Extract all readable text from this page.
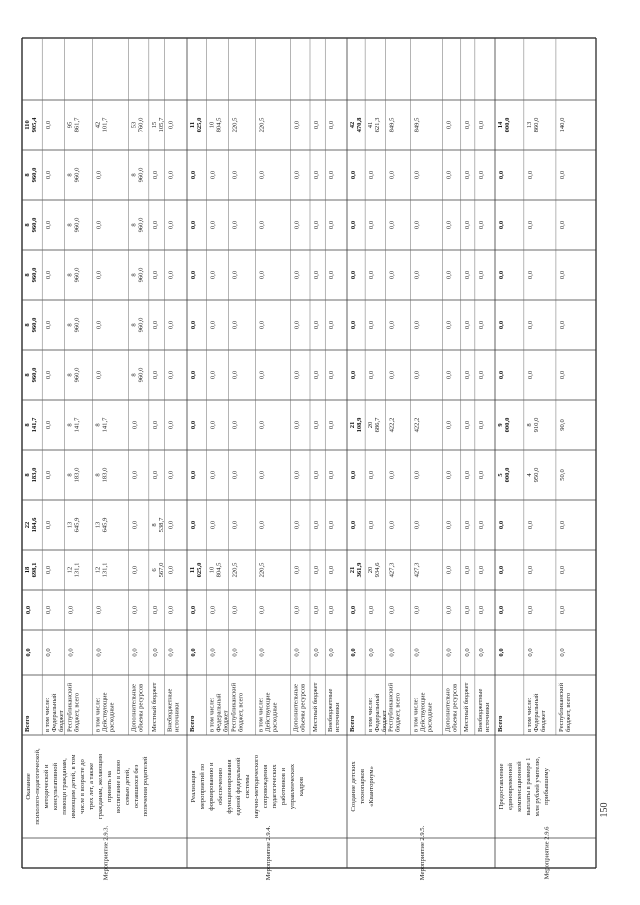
Всего
0,0
0,0
18 698,1
22 184,6
8 183,0
8 141,7
8 960,0
8 960,0
8 960,0
8 960,0
8 960,0
110 905,4
в том числе: Федеральный бюджет
0,0
0,0
0,0
0,0
0,0
0,0
0,0
0,0
0,0
0,0
0,0
0,0
Республиканский бюджет, всего
0,0
0,0
12 131,1
13 645,9
8 183,0
8 141,7
8 960,0
8 960,0
8 960,0
8 960,0
8 960,0
95 861,7
в том числе: Действующие расходные
0,0
0,0
12 131,1
13 645,9
8 183,0
8 141,7
0,0
0,0
0,0
0,0
0,0
42 101,7
Дополнительные объемы ресурсов
0,0
0,0
0,0
0,0
0,0
0,0
8 960,0
8 960,0
8 960,0
8 960,0
8 960,0
53 760,0
Местный бюджет
0,0
0,0
6 567,0
8 538,7
0,0
0,0
0,0
0,0
0,0
0,0
0,0
15 105,7
Внебюджетные источники
0,0
0,0
0,0
0,0
0,0
0,0
0,0
0,0
0,0
0,0
0,0
0,0
Мероприятие 2.9.3.
Оказание психолого-педагогической, методической и консультативной помощи гражданам, имеющим детей, в том числе в возрасте до трех лет, а также гражданам, желающим принять на воспитание в свою семью детей, оставшихся без попечения родителей
Всего
0,0
0,0
11 025,0
0,0
0,0
0,0
0,0
0,0
0,0
0,0
0,0
11 025,0
в том числе: Федеральный бюджет
0,0
0,0
10 804,5
0,0
0,0
0,0
0,0
0,0
0,0
0,0
0,0
10 804,5
Республиканский бюджет, всего
0,0
0,0
220,5
0,0
0,0
0,0
0,0
0,0
0,0
0,0
0,0
220,5
в том числе: Действующие расходные
0,0
0,0
220,5
0,0
0,0
0,0
0,0
0,0
0,0
0,0
0,0
220,5
Дополнительные объемы ресурсов
0,0
0,0
0,0
0,0
0,0
0,0
0,0
0,0
0,0
0,0
0,0
0,0
Местный бюджет
0,0
0,0
0,0
0,0
0,0
0,0
0,0
0,0
0,0
0,0
0,0
0,0
Внебюджетные источники
0,0
0,0
0,0
0,0
0,0
0,0
0,0
0,0
0,0
0,0
0,0
0,0
Мероприятие 2.9.4.
Реализация мероприятий по формированию и обеспечению функционирования единой федеральной системы научно-методического сопровождения педагогических работников и управленческих кадров
Всего
0,0
0,0
21 361,9
0,0
0,0
21 108,9
0,0
0,0
0,0
0,0
0,0
42 470,8
в том числе: Федеральный бюджет
0,0
0,0
20 934,6
0,0
0,0
20 686,7
0,0
0,0
0,0
0,0
0,0
41 621,3
Республиканский бюджет, всего
0,0
0,0
427,3
0,0
0,0
422,2
0,0
0,0
0,0
0,0
0,0
849,5
в том числе: Действующие расходные
0,0
0,0
427,3
0,0
0,0
422,2
0,0
0,0
0,0
0,0
0,0
849,5
Дополнительно объемы ресурсов
0,0
0,0
0,0
0,0
0,0
0,0
0,0
0,0
0,0
0,0
0,0
0,0
Местный бюджет
0,0
0,0
0,0
0,0
0,0
0,0
0,0
0,0
0,0
0,0
0,0
0,0
Внебюджетные источники
0,0
0,0
0,0
0,0
0,0
0,0
0,0
0,0
0,0
0,0
0,0
0,0
Мероприятие 2.9.5.
Создание детских технопарков «Кванториум»
Всего
0,0
0,0
0,0
0,0
5 000,0
9 000,0
0,0
0,0
0,0
0,0
0,0
14 000,0
в том числе: Федеральный бюджет
0,0
0,0
0,0
0,0
4 950,0
8 910,0
0,0
0,0
0,0
0,0
0,0
13 860,0
Республиканский бюджет, всего
0,0
0,0
0,0
0,0
50,0
90,0
0,0
0,0
0,0
0,0
0,0
140,0
Мероприятие 2.9.6
Предоставление единовременной компенсационной выплаты в размере 1 млн рублей учителю, прибывшему
150
